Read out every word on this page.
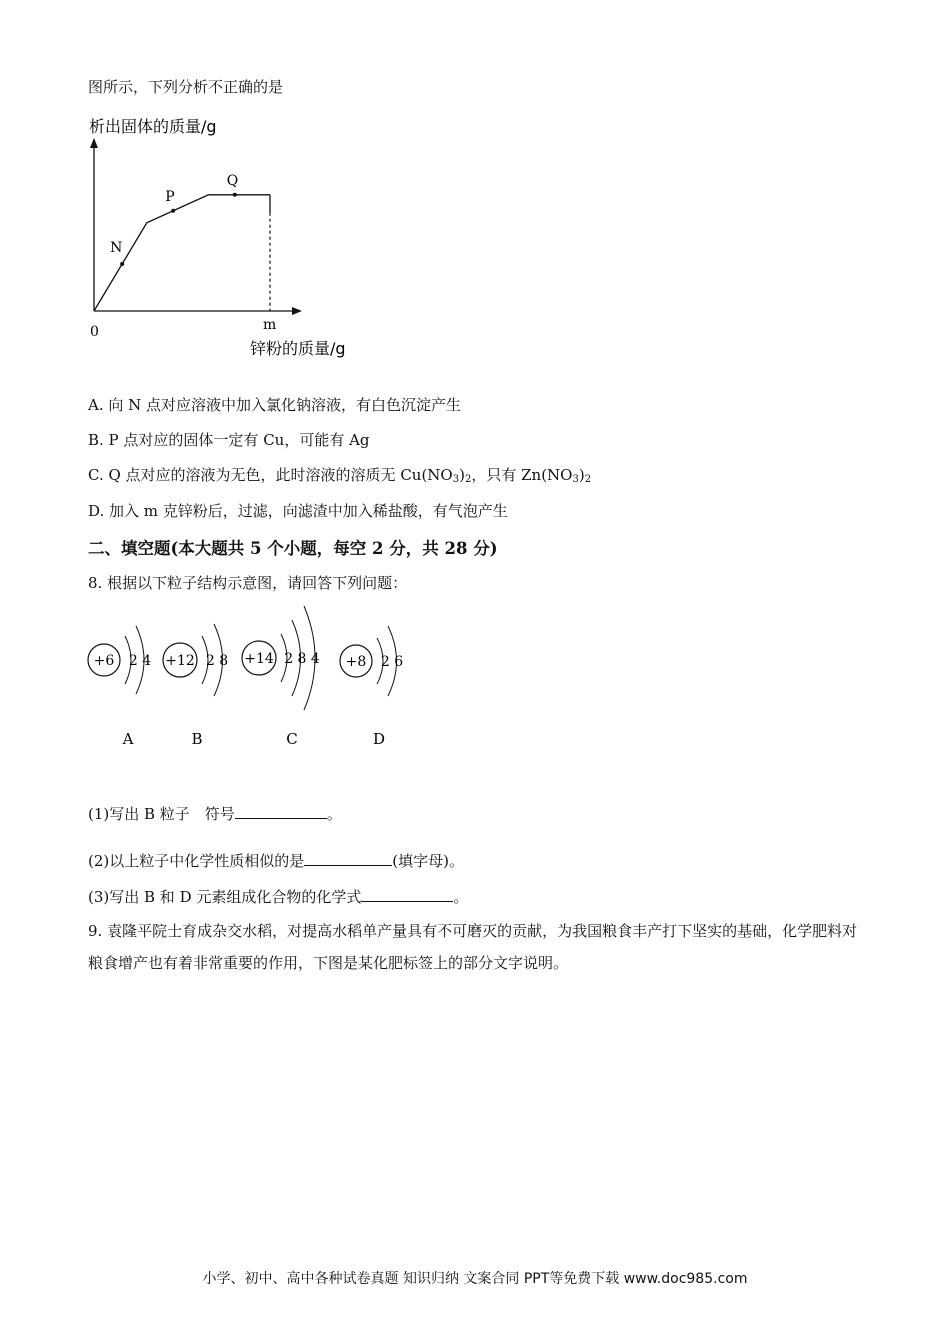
图所示，下列分析不正确的是
析出固体的质量/g
N
P
Q
0	m
锌粉的质量/g
A. 向 N 点对应溶液中加入氯化钠溶液，有白色沉淀产生
B. P 点对应的固体一定有 Cu，可能有 Ag
C. Q 点对应的溶液为无色，此时溶液的溶质无 $Cu(NO_3)_2$，只有 $Zn(NO_3)_2$
D. 加入 m 克锌粉后，过滤，向滤渣中加入稀盐酸，有气泡产生
二、填空题(本大题共 5 个小题，每空 2 分，共 28 分)
8. 根据以下粒子结构示意图，请回答下列问题：
+6 2 4
A
+12 2 8
B
+14 2 8 4
C
+8 2 6
D
(1)写出 B 粒子　符号	。
(2)以上粒子中化学性质相似的是	(填字母)。
(3)写出 B 和 D 元素组成化合物的化学式	。
9. 袁隆平院士育成杂交水稻，对提高水稻单产量具有不可磨灭的贡献，为我国粮食丰产打下坚实的基础，化学肥料对粮食增产也有着非常重要的作用，下图是某化肥标签上的部分文字说明。
小学、初中、高中各种试卷真题 知识归纳 文案合同 PPT等免费下载 www.doc985.com
